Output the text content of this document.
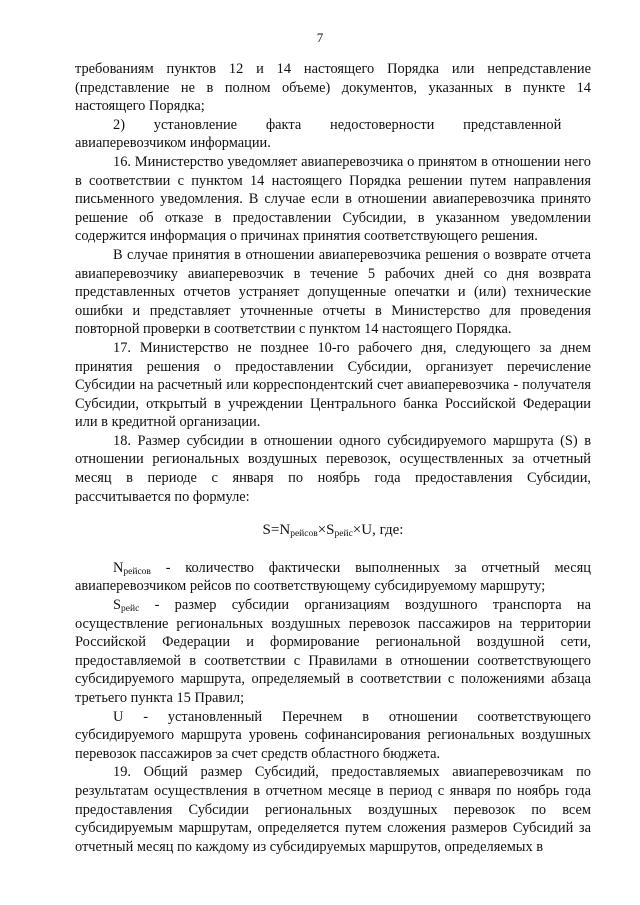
7

требованиям пунктов 12 и 14 настоящего Порядка или непредставление (представление не в полном объеме) документов, указанных в пункте 14 настоящего Порядка;

2)  установление  факта  недостоверности  представленной авиаперевозчиком информации.

16. Министерство уведомляет авиаперевозчика о принятом в отношении него в соответствии с пунктом 14 настоящего Порядка решении путем направления письменного уведомления. В случае если в отношении авиаперевозчика принято решение об отказе в предоставлении Субсидии, в указанном уведомлении содержится информация о причинах принятия соответствующего решения.

В случае принятия в отношении авиаперевозчика решения о возврате отчета авиаперевозчику авиаперевозчик в течение 5 рабочих дней со дня возврата представленных отчетов устраняет допущенные опечатки и (или) технические ошибки и представляет уточненные отчеты в Министерство для проведения повторной проверки в соответствии с пунктом 14 настоящего Порядка.

17. Министерство не позднее 10-го рабочего дня, следующего за днем принятия решения о предоставлении Субсидии, организует перечисление Субсидии на расчетный или корреспондентский счет авиаперевозчика - получателя Субсидии, открытый в учреждении Центрального банка Российской Федерации или в кредитной организации.

18. Размер субсидии в отношении одного субсидируемого маршрута (S) в отношении региональных воздушных перевозок, осуществленных за отчетный месяц в периоде с января по ноябрь года предоставления Субсидии, рассчитывается по формуле:

$S=N_{рейсов}\times S_{рейс}\times U$, где:

$N_{рейсов}$ - количество фактически выполненных за отчетный месяц авиаперевозчиком рейсов по соответствующему субсидируемому маршруту;

$S_{рейс}$ - размер субсидии организациям воздушного транспорта на осуществление региональных воздушных перевозок пассажиров на территории Российской Федерации и формирование региональной воздушной сети, предоставляемой в соответствии с Правилами в отношении соответствующего субсидируемого маршрута, определяемый в соответствии с положениями абзаца третьего пункта 15 Правил;

U - установленный Перечнем в отношении соответствующего субсидируемого маршрута уровень софинансирования региональных воздушных перевозок пассажиров за счет средств областного бюджета.

19. Общий размер Субсидий, предоставляемых авиаперевозчикам по результатам осуществления в отчетном месяце в период с января по ноябрь года предоставления Субсидии региональных воздушных перевозок по всем субсидируемым маршрутам, определяется путем сложения размеров Субсидий за отчетный месяц по каждому из субсидируемых маршрутов, определяемых в
